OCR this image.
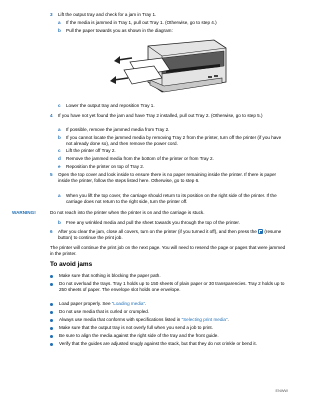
3	Lift the output tray and check for a jam in Tray 1.
a	If the media is jammed in Tray 1, pull out Tray 1. (Otherwise, go to step 4.)
b	Pull the paper towards you as shown in the diagram:
c	Lower the output tray and reposition Tray 1.
4	If you have not yet found the jam and have Tray 2 installed, pull out Tray 2. (Otherwise, go to step 5.)
a	If possible, remove the jammed media from Tray 2.
b	If you cannot locate the jammed media by removing Tray 2 from the printer, turn off the printer (if you have not already done so), and then remove the power cord.
c	Lift the printer off Tray 2.
d	Remove the jammed media from the bottom of the printer or from Tray 2.
e	Reposition the printer on top of Tray 2.
5	Open the top cover and look inside to ensure there is no paper remaining inside the printer. If there is paper inside the printer, follow the steps listed here. Otherwise, go to step 6.
a	When you lift the top cover, the carriage should return to its position on the right side of the printer. If the carriage does not return to the right side, turn the printer off.
WARNING!	Do not reach into the printer when the printer is on and the carriage is stuck.
b	Free any wrinkled media and pull the sheet towards you through the top of the printer.
6	After you clear the jam, close all covers, turn on the printer (if you turned it off), and then press the (resume button) to continue the print job.
The printer will continue the print job on the next page. You will need to resend the page or pages that were jammed in the printer.
To avoid jams
Make sure that nothing is blocking the paper path.
Do not overload the trays. Tray 1 holds up to 150 sheets of plain paper or 30 transparencies. Tray 2 holds up to 250 sheets of paper. The envelope slot holds one envelope.
Load paper properly. See “Loading media”.
Do not use media that is curled or crumpled.
Always use media that conforms with specifications listed in “Selecting print media”.
Make sure that the output tray is not overly full when you send a job to print.
Be sure to align the media against the right side of the tray and the front guide.
Verify that the guides are adjusted snugly against the stack, but that they do not crinkle or bend it.
ENWW
